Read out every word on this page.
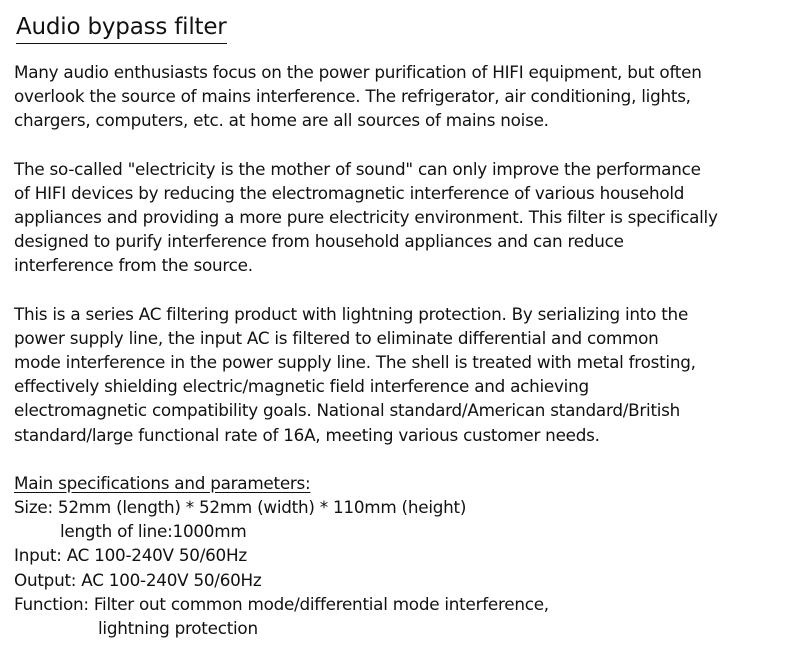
Audio bypass filter
Many audio enthusiasts focus on the power purification of HIFI equipment, but often
overlook the source of mains interference. The refrigerator, air conditioning, lights,
chargers, computers, etc. at home are all sources of mains noise.
The so-called "electricity is the mother of sound" can only improve the performance
of HIFI devices by reducing the electromagnetic interference of various household
appliances and providing a more pure electricity environment. This filter is specifically
designed to purify interference from household appliances and can reduce
interference from the source.
This is a series AC filtering product with lightning protection. By serializing into the
power supply line, the input AC is filtered to eliminate differential and common
mode interference in the power supply line. The shell is treated with metal frosting,
effectively shielding electric/magnetic field interference and achieving
electromagnetic compatibility goals. National standard/American standard/British
standard/large functional rate of 16A, meeting various customer needs.
Main specifications and parameters:
Size: 52mm (length) * 52mm (width) * 110mm (height)
length of line:1000mm
Input: AC 100-240V 50/60Hz
Output: AC 100-240V 50/60Hz
Function: Filter out common mode/differential mode interference,
lightning protection
